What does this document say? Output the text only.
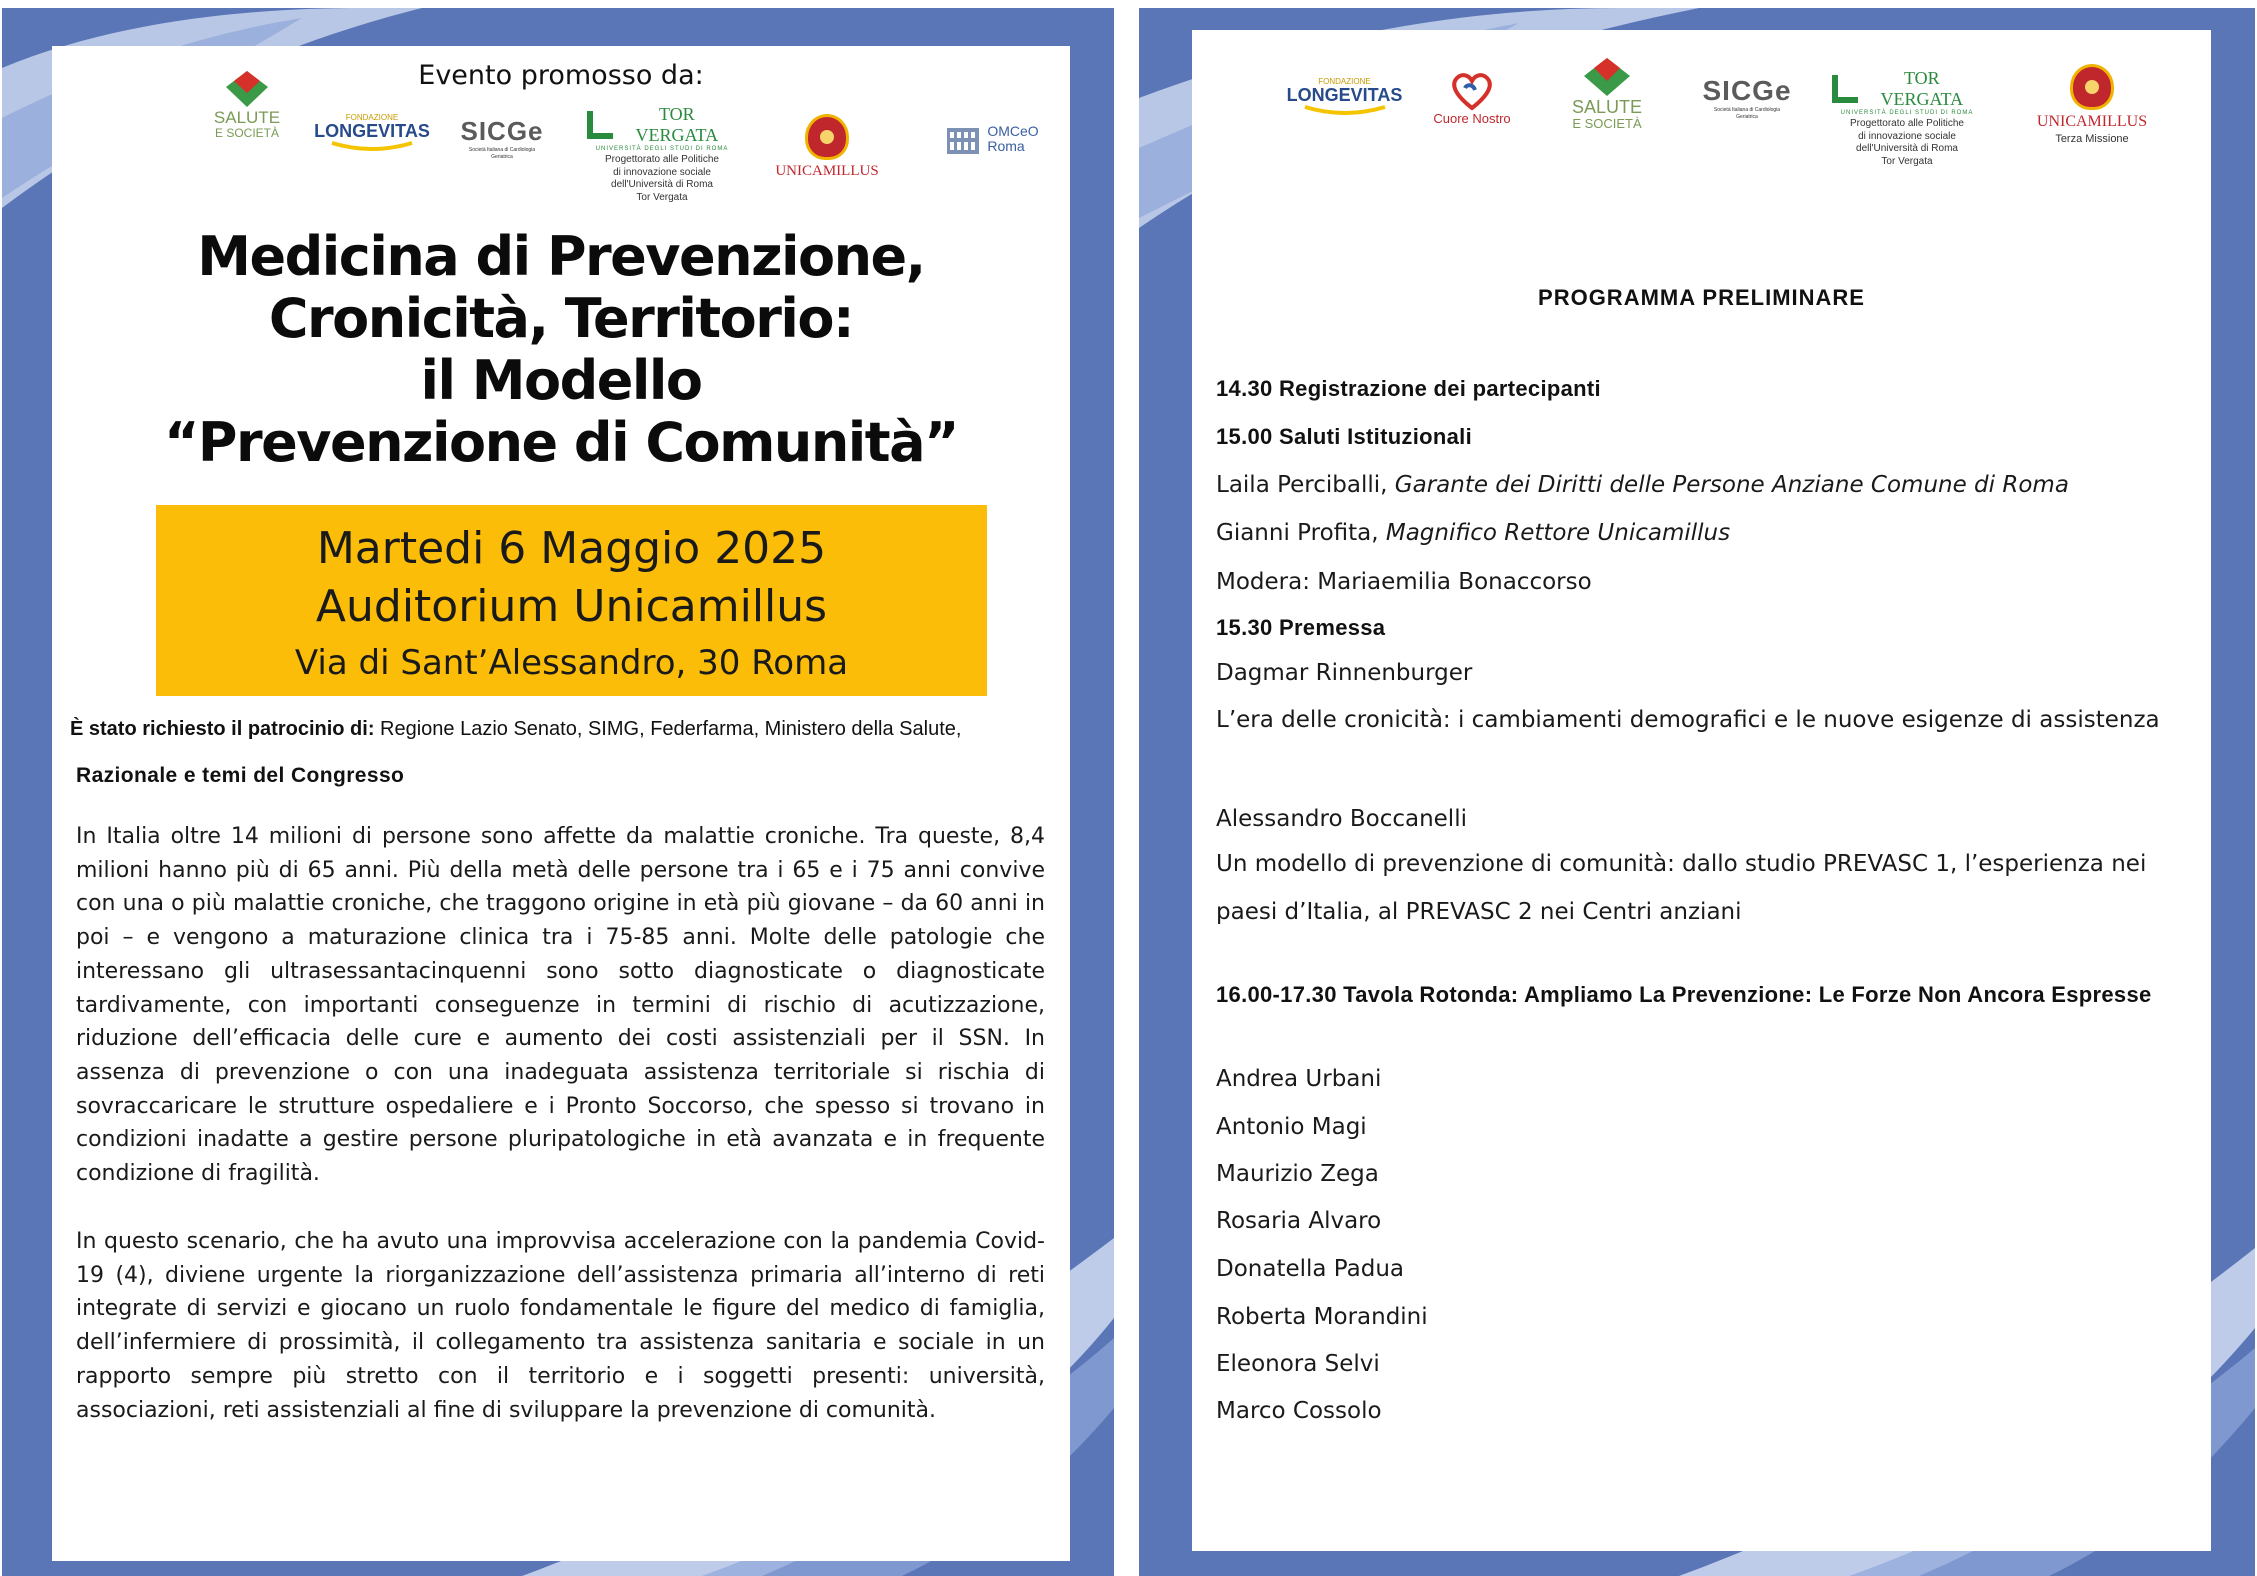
Evento promosso da:
SALUTE
E SOCIETÀ
FONDAZIONE
LONGEVITAS SICGe
Società Italiana di Cardiologia Geriatrica
TOR VERGATA
UNIVERSITÀ DEGLI STUDI DI ROMA
Progettorato alle Politiche
di innovazione sociale
dell'Università di Roma
Tor Vergata
UNICAMILLUS
OMCeO
Roma
Medicina di Prevenzione,
Cronicità, Territorio:
il Modello
“Prevenzione di Comunità”
Martedi 6 Maggio 2025
Auditorium Unicamillus
Via di Sant’Alessandro, 30 Roma
È stato richiesto il patrocinio di: Regione Lazio Senato, SIMG, Federfarma, Ministero della Salute,
Razionale e temi del Congresso

In Italia oltre 14 milioni di persone sono affette da malattie croniche. Tra queste, 8,4 milioni hanno più di 65 anni. Più della metà delle persone tra i 65 e i 75 anni convive con una o più malattie croniche, che traggono origine in età più giovane – da 60 anni in poi – e vengono a maturazione clinica tra i 75-85 anni. Molte delle patologie che interessano gli ultrasessantacinquenni sono sotto diagnosticate o diagnosticate tardivamente, con importanti conseguenze in termini di rischio di acutizzazione, riduzione dell’efficacia delle cure e aumento dei costi assistenziali per il SSN. In assenza di prevenzione o con una inadeguata assistenza territoriale si rischia di sovraccaricare le strutture ospedaliere e i Pronto Soccorso, che spesso si trovano in condizioni inadatte a gestire persone pluripatologiche in età avanzata e in frequente condizione di fragilità.

In questo scenario, che ha avuto una improvvisa accelerazione con la pandemia Covid-19 (4), diviene urgente la riorganizzazione dell’assistenza primaria all’interno di reti integrate di servizi e giocano un ruolo fondamentale le figure del medico di famiglia, dell’infermiere di prossimità, il collegamento tra assistenza sanitaria e sociale in un rapporto sempre più stretto con il territorio e i soggetti presenti: università, associazioni, reti assistenziali al fine di sviluppare la prevenzione di comunità.

FONDAZIONE
LONGEVITAS
Cuore Nostro
SALUTE
E SOCIETÀ
SICGe
Società Italiana di Cardiologia Geriatrica
TOR VERGATA
UNIVERSITÀ DEGLI STUDI DI ROMA
Progettorato alle Politiche
di innovazione sociale
dell'Università di Roma
Tor Vergata
UNICAMILLUS
Terza Missione
PROGRAMMA PRELIMINARE
14.30 Registrazione dei partecipanti
15.00 Saluti Istituzionali
Laila Perciballi, Garante dei Diritti delle Persone Anziane Comune di Roma
Gianni Profita, Magnifico Rettore Unicamillus
Modera: Mariaemilia Bonaccorso
15.30 Premessa
Dagmar Rinnenburger
L’era delle cronicità: i cambiamenti demografici e le nuove esigenze di assistenza
Alessandro Boccanelli
Un modello di prevenzione di comunità: dallo studio PREVASC 1, l’esperienza nei paesi d’Italia, al PREVASC 2 nei Centri anziani
16.00-17.30 Tavola Rotonda: Ampliamo La Prevenzione: Le Forze Non Ancora Espresse
Andrea Urbani
Antonio Magi
Maurizio Zega
Rosaria Alvaro
Donatella Padua
Roberta Morandini
Eleonora Selvi
Marco Cossolo
